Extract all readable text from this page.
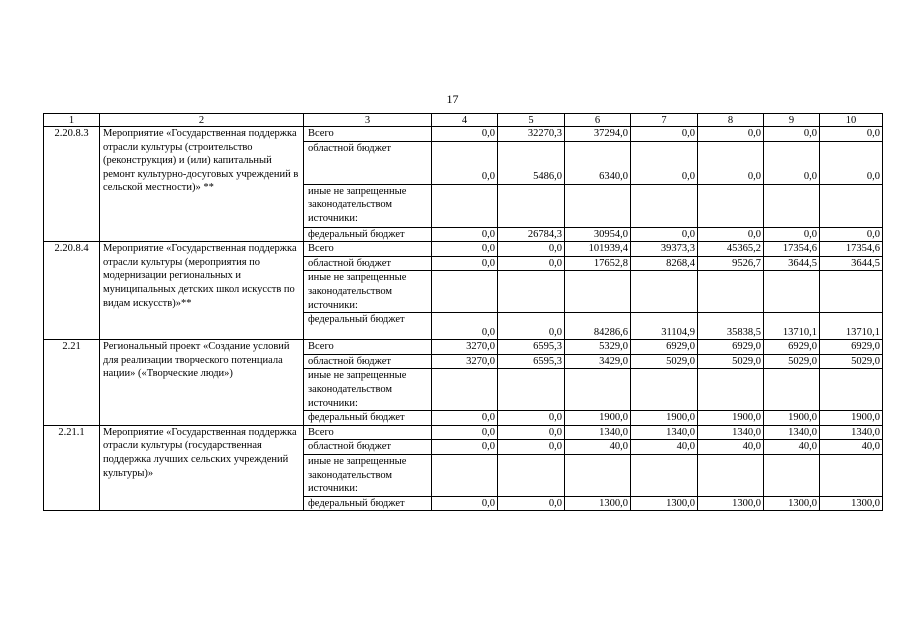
17
1	2	3	4	5	6	7	8	9	10
2.20.8.3	Мероприятие «Государственная поддержка отрасли культуры (строительство (реконструкция) и (или) капитальный ремонт культурно-досуговых учреждений в сельской местности)» **	Всего	0,0	32270,3	37294,0	0,0	0,0	0,0	0,0
		областной бюджет	0,0	5486,0	6340,0	0,0	0,0	0,0	0,0
		иные не запрещенные законодательством источники:							
		федеральный бюджет	0,0	26784,3	30954,0	0,0	0,0	0,0	0,0
2.20.8.4	Мероприятие «Государственная поддержка отрасли культуры (мероприятия по модернизации региональных и муниципальных детских школ искусств по видам искусств)»**	Всего	0,0	0,0	101939,4	39373,3	45365,2	17354,6	17354,6
		областной бюджет	0,0	0,0	17652,8	8268,4	9526,7	3644,5	3644,5
		иные не запрещенные законодательством источники:							
		федеральный бюджет	0,0	0,0	84286,6	31104,9	35838,5	13710,1	13710,1
2.21	Региональный проект «Создание условий для реализации творческого потенциала нации» («Творческие люди»)	Всего	3270,0	6595,3	5329,0	6929,0	6929,0	6929,0	6929,0
		областной бюджет	3270,0	6595,3	3429,0	5029,0	5029,0	5029,0	5029,0
		иные не запрещенные законодательством источники:							
		федеральный бюджет	0,0	0,0	1900,0	1900,0	1900,0	1900,0	1900,0
2.21.1	Мероприятие «Государственная поддержка отрасли культуры (государственная поддержка лучших сельских учреждений культуры)»	Всего	0,0	0,0	1340,0	1340,0	1340,0	1340,0	1340,0
		областной бюджет	0,0	0,0	40,0	40,0	40,0	40,0	40,0
		иные не запрещенные законодательством источники:							
		федеральный бюджет	0,0	0,0	1300,0	1300,0	1300,0	1300,0	1300,0
